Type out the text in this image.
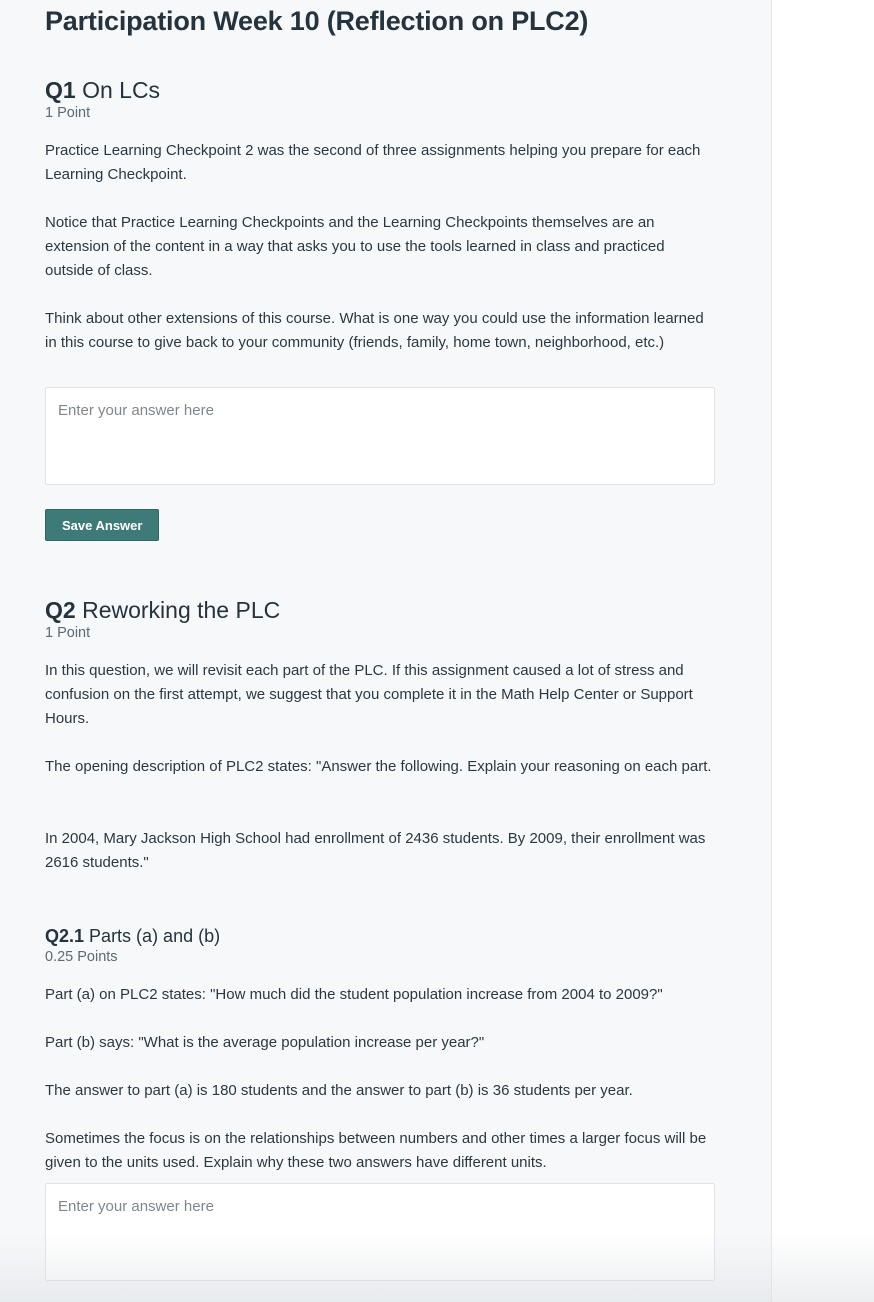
Participation Week 10 (Reflection on PLC2)
Q1 On LCs
1 Point

Practice Learning Checkpoint 2 was the second of three assignments helping you prepare for each Learning Checkpoint.

Notice that Practice Learning Checkpoints and the Learning Checkpoints themselves are an extension of the content in a way that asks you to use the tools learned in class and practiced outside of class.

Think about other extensions of this course. What is one way you could use the information learned in this course to give back to your community (friends, family, home town, neighborhood, etc.)

Enter your answer here
Save Answer
Q2 Reworking the PLC
1 Point

In this question, we will revisit each part of the PLC. If this assignment caused a lot of stress and confusion on the first attempt, we suggest that you complete it in the Math Help Center or Support Hours.

The opening description of PLC2 states: "Answer the following. Explain your reasoning on each part.

In 2004, Mary Jackson High School had enrollment of 2436 students. By 2009, their enrollment was 2616 students."

Q2.1 Parts (a) and (b)
0.25 Points

Part (a) on PLC2 states: "How much did the student population increase from 2004 to 2009?"

Part (b) says: "What is the average population increase per year?"

The answer to part (a) is 180 students and the answer to part (b) is 36 students per year.

Sometimes the focus is on the relationships between numbers and other times a larger focus will be given to the units used. Explain why these two answers have different units.

Enter your answer here
